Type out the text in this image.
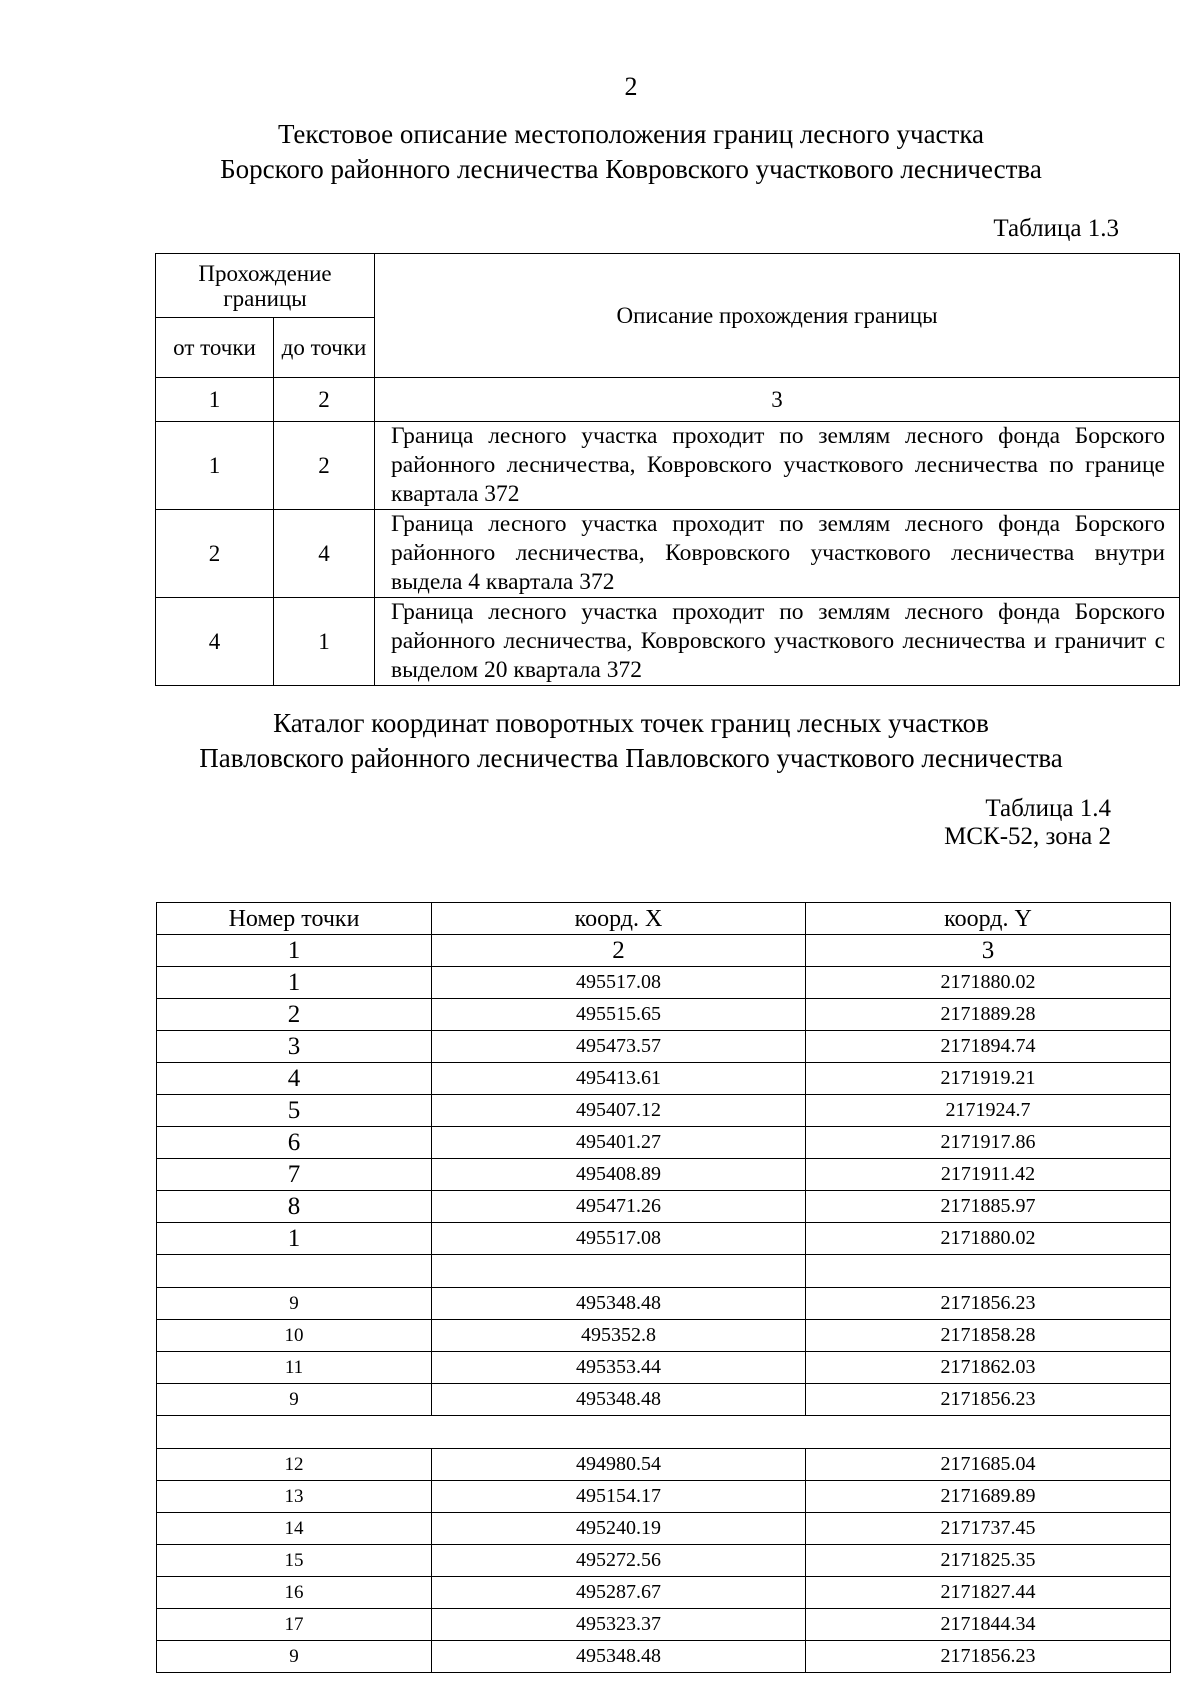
2
Текстовое описание местоположения границ лесного участка
Борского районного лесничества Ковровского участкового лесничества
Таблица 1.3
Прохождение границы		Описание прохождения границы
от точки	до точки	
1	2	3
1	2	Граница лесного участка проходит по землям лесного фонда Борского районного лесничества, Ковровского участкового лесничества по границе квартала 372
2	4	Граница лесного участка проходит по землям лесного фонда Борского районного лесничества, Ковровского участкового лесничества внутри выдела 4 квартала 372
4	1	Граница лесного участка проходит по землям лесного фонда Борского районного лесничества, Ковровского участкового лесничества и граничит с выделом 20 квартала 372
Каталог координат поворотных точек границ лесных участков
Павловского районного лесничества Павловского участкового лесничества
Таблица 1.4
МСК-52, зона 2
Номер точки	коорд. X	коорд. Y
1	2	3
1	495517.08	2171880.02
2	495515.65	2171889.28
3	495473.57	2171894.74
4	495413.61	2171919.21
5	495407.12	2171924.7
6	495401.27	2171917.86
7	495408.89	2171911.42
8	495471.26	2171885.97
1	495517.08	2171880.02

9	495348.48	2171856.23
10	495352.8	2171858.28
11	495353.44	2171862.03
9	495348.48	2171856.23

12	494980.54	2171685.04
13	495154.17	2171689.89
14	495240.19	2171737.45
15	495272.56	2171825.35
16	495287.67	2171827.44
17	495323.37	2171844.34
9	495348.48	2171856.23
